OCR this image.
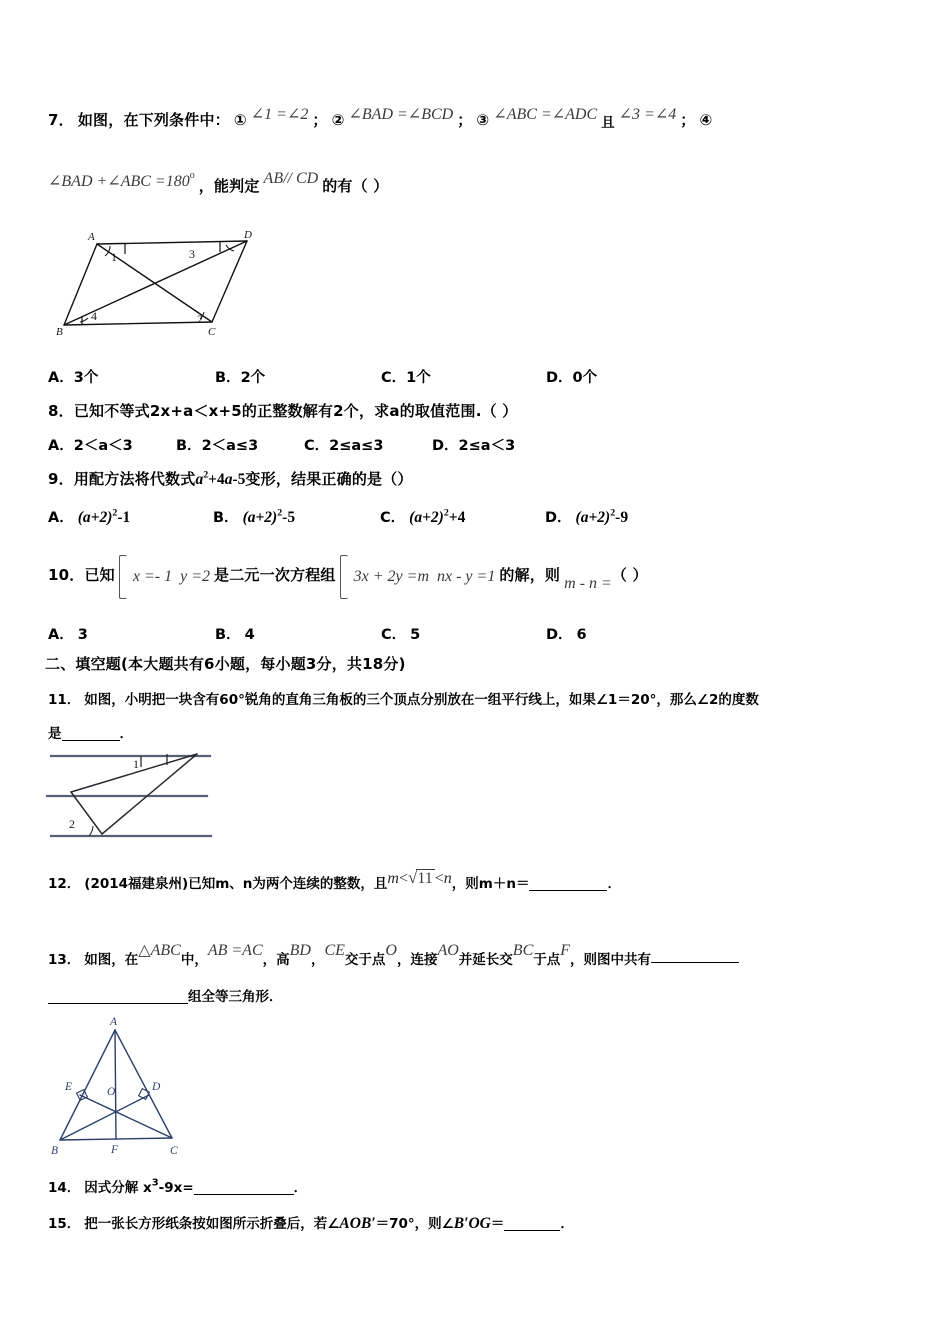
7． 如图，在下列条件中： ① ∠1 =∠2 ； ② ∠BAD =∠BCD ； ③ ∠ABC =∠ADC 且 ∠3 =∠4 ； ④
∠BAD +∠ABC =180o ，能判定 AB// CD 的有（ ）
A	D
B	C
1
2
3
4
A．3个	B．2个	C．1个	D．0个
8．已知不等式2x+a＜x+5的正整数解有2个，求a的取值范围.（ ）
A．2＜a＜3	B．2＜a≤3	C．2≤a≤3	D．2≤a＜3
9．用配方法将代数式$a^2+4a-5$变形，结果正确的是（）
A． $(a+2)^2-1$	B． $(a+2)^2-5$	C． $(a+2)^2+4$	D． $(a+2)^2-9$
10．已知 x =- 1 y =2 是二元一次方程组 3x + 2y =m nx - y =1 的解，则 m - n =（ ）
A． 3	B． 4	C． 5	D． 6
二、填空题(本大题共有6小题，每小题3分，共18分)
11． 如图，小明把一块含有60°锐角的直角三角板的三个顶点分别放在一组平行线上，如果∠1＝20°，那么∠2的度数
是	．
1
2
12． (2014福建泉州)已知m、n为两个连续的整数，且m<√11 <n，则m＋n＝	．
$_{13.}$ $_{如图,在}\triangle ABC_{中,}AB =AC_{,高}BD_,CE_{交于点}O_{,连接}AO_{并延长交}BC_{于点}F_{,则图中共有}$
组全等三角形．
A
B	C
D
E
F
O
14． 因式分解 $x^3-9x=$	．
15． 把一张长方形纸条按如图所示折叠后，若∠AOB′＝70°，则∠B′OG＝	．
